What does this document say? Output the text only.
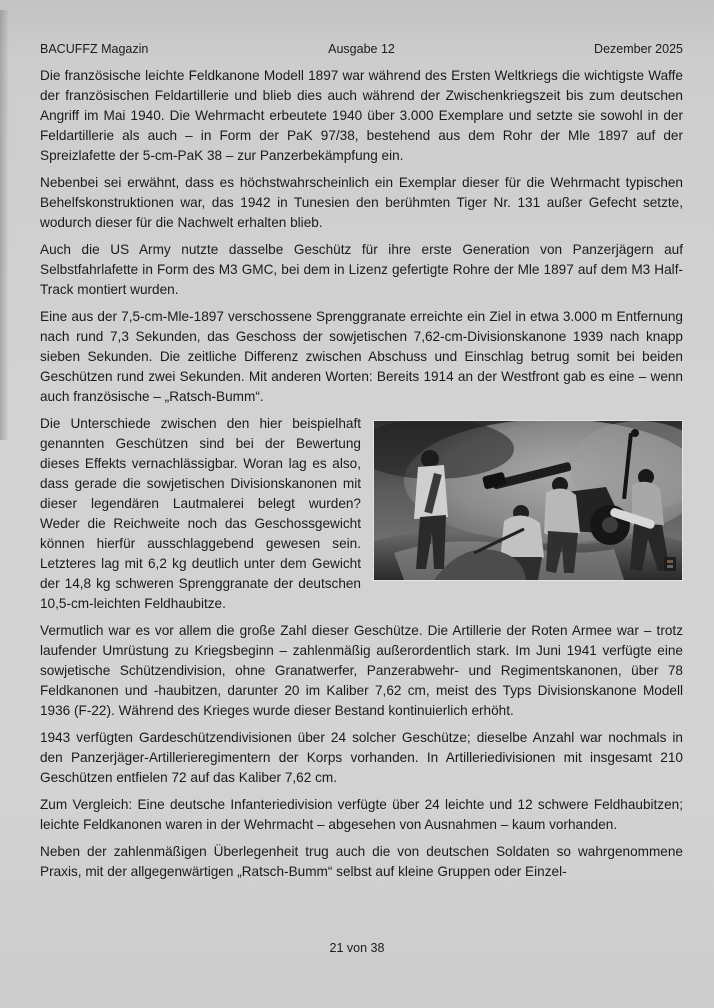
BACUFFZ Magazin	Ausgabe 12	Dezember 2025

Die französische leichte Feldkanone Modell 1897 war während des Ersten Weltkriegs die wichtigste Waffe der französischen Feldartillerie und blieb dies auch während der Zwischenkriegszeit bis zum deutschen Angriff im Mai 1940. Die Wehrmacht erbeutete 1940 über 3.000 Exemplare und setzte sie sowohl in der Feldartillerie als auch – in Form der PaK 97/38, bestehend aus dem Rohr der Mle 1897 auf der Spreizlafette der 5-cm-PaK 38 – zur Panzerbekämpfung ein.

Nebenbei sei erwähnt, dass es höchstwahrscheinlich ein Exemplar dieser für die Wehrmacht typischen Behelfskonstruktionen war, das 1942 in Tunesien den berühmten Tiger Nr. 131 außer Gefecht setzte, wodurch dieser für die Nachwelt erhalten blieb.

Auch die US Army nutzte dasselbe Geschütz für ihre erste Generation von Panzerjägern auf Selbstfahrlafette in Form des M3 GMC, bei dem in Lizenz gefertigte Rohre der Mle 1897 auf dem M3 Half-Track montiert wurden.

Eine aus der 7,5-cm-Mle-1897 verschossene Sprenggranate erreichte ein Ziel in etwa 3.000 m Entfernung nach rund 7,3 Sekunden, das Geschoss der sowjetischen 7,62-cm-Divisionskanone 1939 nach knapp sieben Sekunden. Die zeitliche Differenz zwischen Abschuss und Einschlag betrug somit bei beiden Geschützen rund zwei Sekunden. Mit anderen Worten: Bereits 1914 an der Westfront gab es eine – wenn auch französische – „Ratsch-Bumm“.

Die Unterschiede zwischen den hier beispielhaft genannten Geschützen sind bei der Bewertung dieses Effekts vernachlässigbar. Woran lag es also, dass gerade die sowjetischen Divisionskanonen mit dieser legendären Lautmalerei belegt wurden? Weder die Reichweite noch das Geschossgewicht können hierfür ausschlaggebend gewesen sein. Letzteres lag mit 6,2 kg deutlich unter dem Gewicht der 14,8 kg schweren Sprenggranate der deutschen 10,5-cm-leichten Feldhaubitze.

Vermutlich war es vor allem die große Zahl dieser Geschütze. Die Artillerie der Roten Armee war – trotz laufender Umrüstung zu Kriegsbeginn – zahlenmäßig außerordentlich stark. Im Juni 1941 verfügte eine sowjetische Schützendivision, ohne Granatwerfer, Panzerabwehr- und Regimentskanonen, über 78 Feldkanonen und -haubitzen, darunter 20 im Kaliber 7,62 cm, meist des Typs Divisionskanone Modell 1936 (F-22). Während des Krieges wurde dieser Bestand kontinuierlich erhöht.

1943 verfügten Gardeschützendivisionen über 24 solcher Geschütze; dieselbe Anzahl war nochmals in den Panzerjäger-Artillerieregimentern der Korps vorhanden. In Artilleriedivisionen mit insgesamt 210 Geschützen entfielen 72 auf das Kaliber 7,62 cm.

Zum Vergleich: Eine deutsche Infanteriedivision verfügte über 24 leichte und 12 schwere Feldhaubitzen; leichte Feldkanonen waren in der Wehrmacht – abgesehen von Ausnahmen – kaum vorhanden.

Neben der zahlenmäßigen Überlegenheit trug auch die von deutschen Soldaten so wahrgenommene Praxis, mit der allgegenwärtigen „Ratsch-Bumm“ selbst auf kleine Gruppen oder Einzel-

21 von 38
